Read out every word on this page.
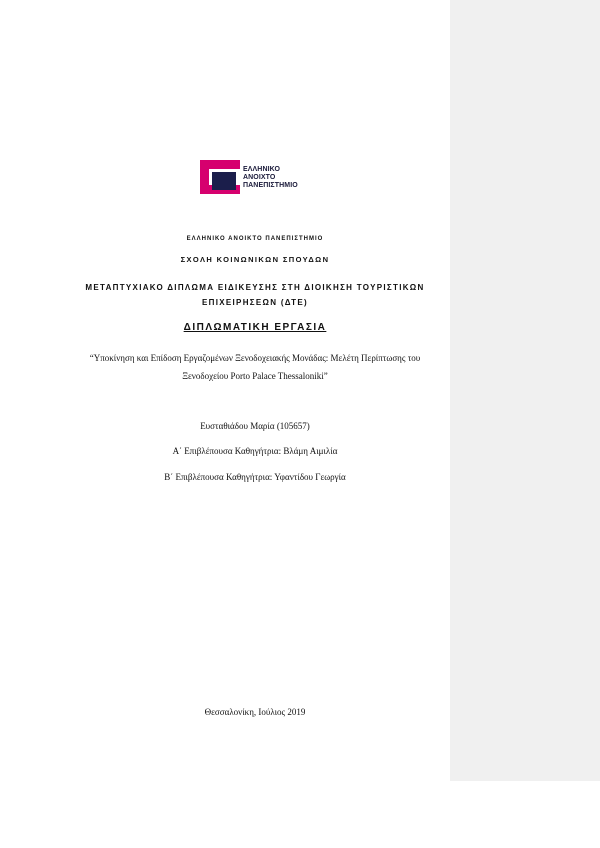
ΕΛΛΗΝΙΚΟ
ΑΝΟΙΧΤΟ
ΠΑΝΕΠΙΣΤΗΜΙΟ
ΕΛΛΗΝΙΚΟ ΑΝΟΙΚΤΟ ΠΑΝΕΠΙΣΤΗΜΙΟ
ΣΧΟΛΗ ΚΟΙΝΩΝΙΚΩΝ ΣΠΟΥΔΩΝ
ΜΕΤΑΠΤΥΧΙΑΚΟ ΔΙΠΛΩΜΑ ΕΙΔΙΚΕΥΣΗΣ ΣΤΗ ΔΙΟΙΚΗΣΗ ΤΟΥΡΙΣΤΙΚΩΝ
ΕΠΙΧΕΙΡΗΣΕΩΝ (ΔΤΕ)
ΔΙΠΛΩΜΑΤΙΚΗ ΕΡΓΑΣΙΑ
“Υποκίνηση και Επίδοση Εργαζομένων Ξενοδοχειακής Μονάδας: Μελέτη Περίπτωσης του
Ξενοδοχείου Porto Palace Thessaloniki”
Ευσταθιάδου Μαρία (105657)
Α΄ Επιβλέπουσα Καθηγήτρια: Βλάμη Αιμιλία
Β΄ Επιβλέπουσα Καθηγήτρια: Υφαντίδου Γεωργία
Θεσσαλονίκη, Ιούλιος 2019
